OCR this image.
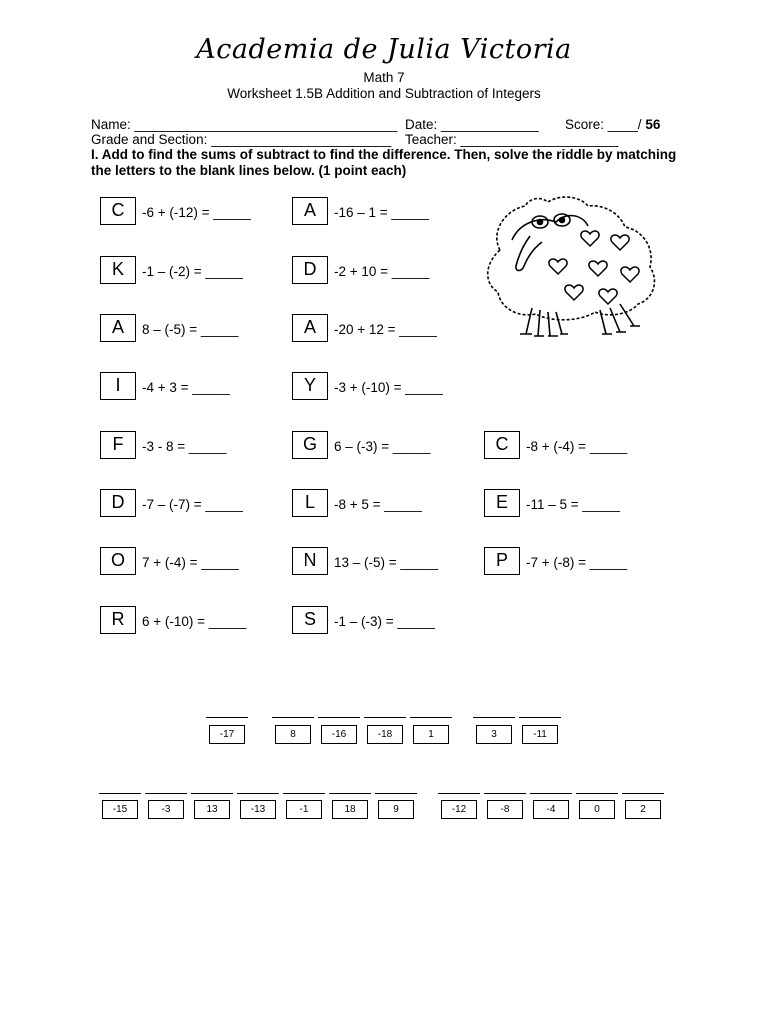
Academia de Julia Victoria
Math 7
Worksheet 1.5B Addition and Subtraction of Integers
Name: ___________________________________ Date: _____________ Score: ____/ 56
Grade and Section: ________________________ Teacher: _____________________
I. Add to find the sums of subtract to find the difference. Then, solve the riddle by matching the letters to the blank lines below. (1 point each)
C	-6 + (-12) = _____	A	-16 – 1 = _____
K	-1 – (-2) = _____	D	-2 + 10 = _____
A	8 – (-5) = _____	A	-20 + 12 = _____
I	-4 + 3 = _____	Y	-3 + (-10) = _____
F	-3 - 8 = _____	G	6 – (-3) = _____	C	-8 + (-4) = _____
D	-7 – (-7) = _____	L	-8 + 5 = _____	E	-11 – 5 = _____
O	7 + (-4) = _____	N	13 – (-5) = _____	P	-7 + (-8) = _____
R	6 + (-10) = _____	S	-1 – (-3) = _____
-17	8	-16	-18	1	3	-11
-15	-3	13	-13	-1	18	9	-12	-8	-4	0	2
